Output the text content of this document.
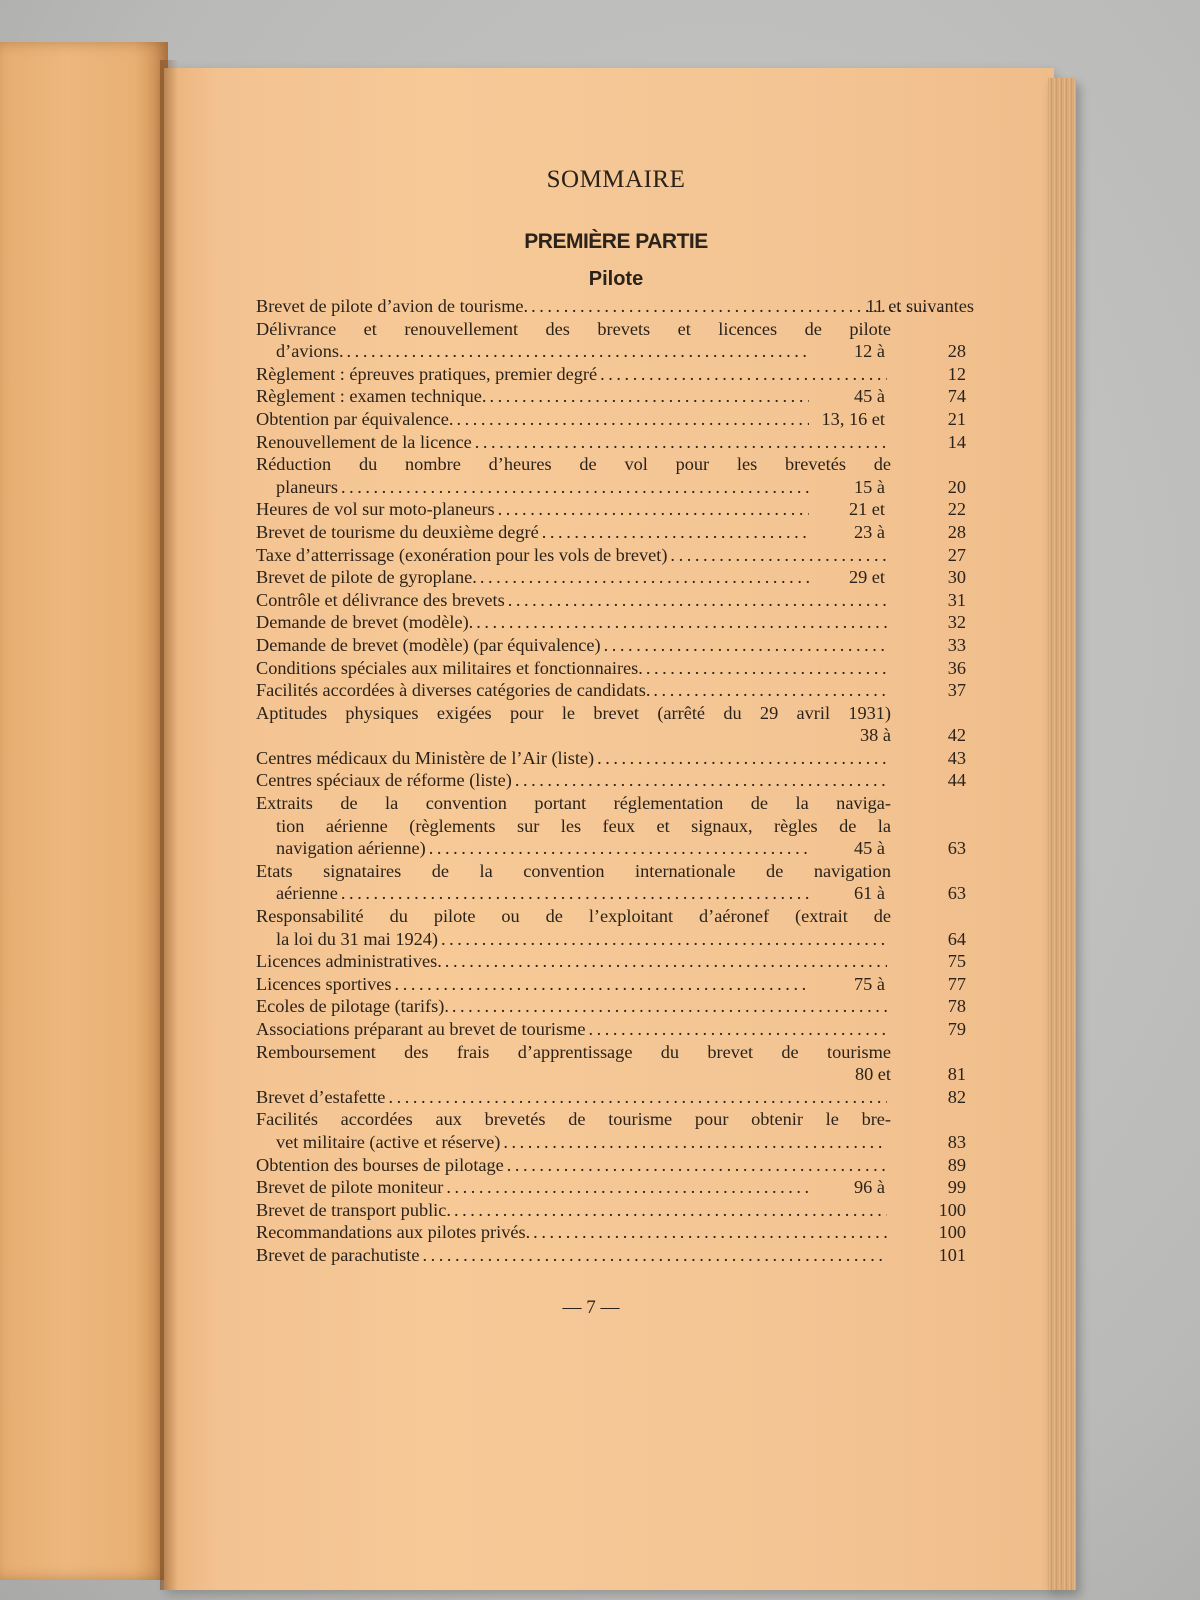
SOMMAIRE
PREMIÈRE PARTIE
Pilote
Brevet de pilote d’avion de tourisme. . . .	11 et suivantes
Délivrance et renouvellement des brevets et licences de pilote
d’avions. . . .	12 à	28
Règlement : épreuves pratiques, premier degré . . .	12
Règlement : examen technique. . . .	45 à	74
Obtention par équivalence. . . .	13, 16 et	21
Renouvellement de la licence . . .	14
Réduction du nombre d’heures de vol pour les brevetés de
planeurs . . .	15 à	20
Heures de vol sur moto-planeurs . . .	21 et	22
Brevet de tourisme du deuxième degré . . .	23 à	28
Taxe d’atterrissage (exonération pour les vols de brevet) . . .	27
Brevet de pilote de gyroplane. . . .	29 et	30
Contrôle et délivrance des brevets . . .	31
Demande de brevet (modèle). . . .	32
Demande de brevet (modèle) (par équivalence) . . .	33
Conditions spéciales aux militaires et fonctionnaires. . . .	36
Facilités accordées à diverses catégories de candidats. . . .	37
Aptitudes physiques exigées pour le brevet (arrêté du 29 avril 1931)
38 à	42
Centres médicaux du Ministère de l’Air (liste) . . .	43
Centres spéciaux de réforme (liste) . . .	44
Extraits de la convention portant réglementation de la naviga-
tion aérienne (règlements sur les feux et signaux, règles de la
navigation aérienne) . . .	45 à	63
Etats signataires de la convention internationale de navigation
aérienne . . .	61 à	63
Responsabilité du pilote ou de l’exploitant d’aéronef (extrait de
la loi du 31 mai 1924) . . .	64
Licences administratives. . . .	75
Licences sportives . . .	75 à	77
Ecoles de pilotage (tarifs). . . .	78
Associations préparant au brevet de tourisme . . .	79
Remboursement des frais d’apprentissage du brevet de tourisme
80 et	81
Brevet d’estafette . . .	82
Facilités accordées aux brevetés de tourisme pour obtenir le bre-
vet militaire (active et réserve) . . .	83
Obtention des bourses de pilotage . . .	89
Brevet de pilote moniteur . . .	96 à	99
Brevet de transport public. . . .	100
Recommandations aux pilotes privés. . . .	100
Brevet de parachutiste . . .	101
— 7 —
